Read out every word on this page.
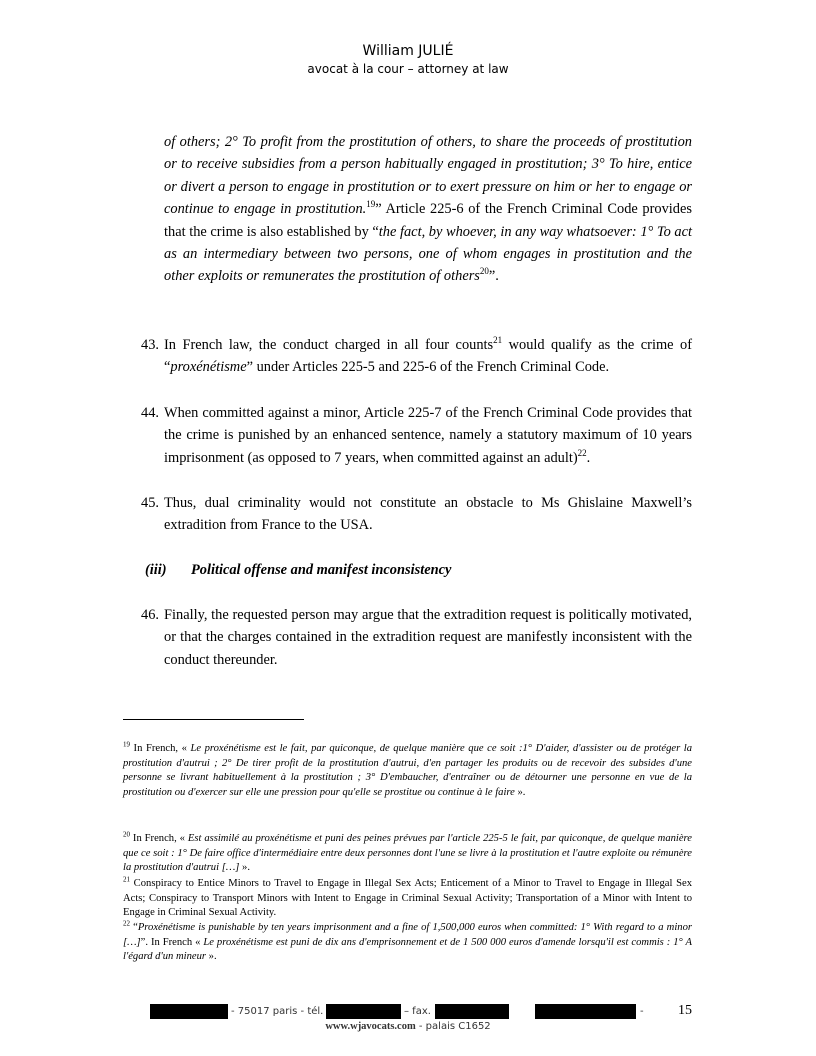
William JULIÉ
avocat à la cour – attorney at law
of others; 2° To profit from the prostitution of others, to share the proceeds of prostitution or to receive subsidies from a person habitually engaged in prostitution; 3° To hire, entice or divert a person to engage in prostitution or to exert pressure on him or her to engage or continue to engage in prostitution.$^{19}$” Article 225-6 of the French Criminal Code provides that the crime is also established by “the fact, by whoever, in any way whatsoever: 1° To act as an intermediary between two persons, one of whom engages in prostitution and the other exploits or remunerates the prostitution of others$^{20}$”.
43. In French law, the conduct charged in all four counts$^{21}$ would qualify as the crime of “proxénétisme” under Articles 225-5 and 225-6 of the French Criminal Code.
44. When committed against a minor, Article 225-7 of the French Criminal Code provides that the crime is punished by an enhanced sentence, namely a statutory maximum of 10 years imprisonment (as opposed to 7 years, when committed against an adult)$^{22}$.
45. Thus, dual criminality would not constitute an obstacle to Ms Ghislaine Maxwell’s extradition from France to the USA.
(iii) Political offense and manifest inconsistency
46. Finally, the requested person may argue that the extradition request is politically motivated, or that the charges contained in the extradition request are manifestly inconsistent with the conduct thereunder.
$^{19}$ In French, « Le proxénétisme est le fait, par quiconque, de quelque manière que ce soit :1° D'aider, d'assister ou de protéger la prostitution d'autrui ; 2° De tirer profit de la prostitution d'autrui, d'en partager les produits ou de recevoir des subsides d'une personne se livrant habituellement à la prostitution ; 3° D'embaucher, d'entraîner ou de détourner une personne en vue de la prostitution ou d'exercer sur elle une pression pour qu'elle se prostitue ou continue à le faire ».
$^{20}$ In French, « Est assimilé au proxénétisme et puni des peines prévues par l'article 225-5 le fait, par quiconque, de quelque manière que ce soit : 1° De faire office d'intermédiaire entre deux personnes dont l'une se livre à la prostitution et l'autre exploite ou rémunère la prostitution d'autrui […] ».
$^{21}$ Conspiracy to Entice Minors to Travel to Engage in Illegal Sex Acts; Enticement of a Minor to Travel to Engage in Illegal Sex Acts; Conspiracy to Transport Minors with Intent to Engage in Criminal Sexual Activity; Transportation of a Minor with Intent to Engage in Criminal Sexual Activity.
$^{22}$ “Proxénétisme is punishable by ten years imprisonment and a fine of 1,500,000 euros when committed: 1° With regard to a minor […]”. In French « Le proxénétisme est puni de dix ans d'emprisonnement et de 1 500 000 euros d'amende lorsqu'il est commis : 1° A l'égard d'un mineur ».
- 75017 paris - tél.	– fax.	- 15
www.wjavocats.com - palais C1652
